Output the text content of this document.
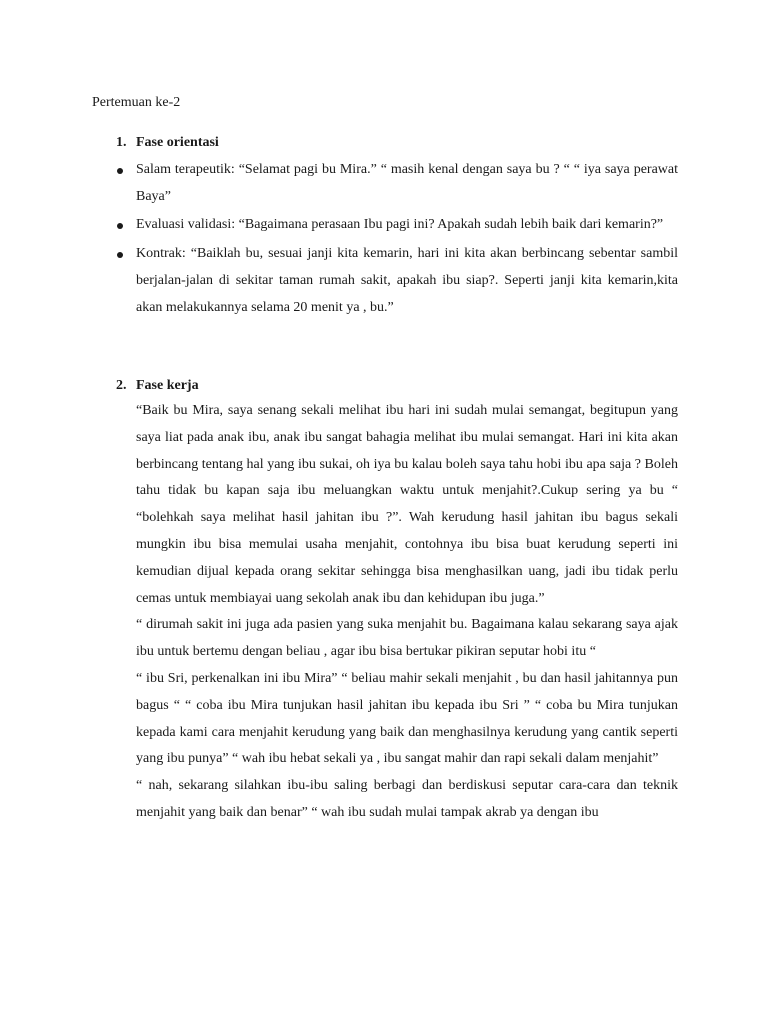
Pertemuan ke-2
1. Fase orientasi
Salam terapeutik: “Selamat pagi bu Mira.” “ masih kenal dengan saya bu ? “ “ iya saya perawat Baya”
Evaluasi validasi: “Bagaimana perasaan Ibu pagi ini? Apakah sudah lebih baik dari kemarin?”
Kontrak: “Baiklah bu, sesuai janji kita kemarin, hari ini kita akan berbincang sebentar sambil berjalan-jalan di sekitar taman rumah sakit, apakah ibu siap?. Seperti janji kita kemarin,kita akan melakukannya selama 20 menit ya , bu.”
2. Fase kerja

“Baik bu Mira, saya senang sekali melihat ibu hari ini sudah mulai semangat, begitupun yang saya liat pada anak ibu, anak ibu sangat bahagia melihat ibu mulai semangat. Hari ini kita akan berbincang tentang hal yang ibu sukai, oh iya bu kalau boleh saya tahu hobi ibu apa saja ? Boleh tahu tidak bu kapan saja ibu meluangkan waktu untuk menjahit?.Cukup sering ya bu “ “bolehkah saya melihat hasil jahitan ibu ?”. Wah kerudung hasil jahitan ibu bagus sekali mungkin ibu bisa memulai usaha menjahit, contohnya ibu bisa buat kerudung seperti ini kemudian dijual kepada orang sekitar sehingga bisa menghasilkan uang, jadi ibu tidak perlu cemas untuk membiayai uang sekolah anak ibu dan kehidupan ibu juga.”

“ dirumah sakit ini juga ada pasien yang suka menjahit bu. Bagaimana kalau sekarang saya ajak ibu untuk bertemu dengan beliau , agar ibu bisa bertukar pikiran seputar hobi itu “

“ ibu Sri, perkenalkan ini ibu Mira” “ beliau mahir sekali menjahit , bu dan hasil jahitannya pun bagus “ “ coba ibu Mira tunjukan hasil jahitan ibu kepada ibu Sri ” “ coba bu Mira tunjukan kepada kami cara menjahit kerudung yang baik dan menghasilnya kerudung yang cantik seperti yang ibu punya” “ wah ibu hebat sekali ya , ibu sangat mahir dan rapi sekali dalam menjahit”

“ nah, sekarang silahkan ibu-ibu saling berbagi dan berdiskusi seputar cara-cara dan teknik menjahit yang baik dan benar” “ wah ibu sudah mulai tampak akrab ya dengan ibu
